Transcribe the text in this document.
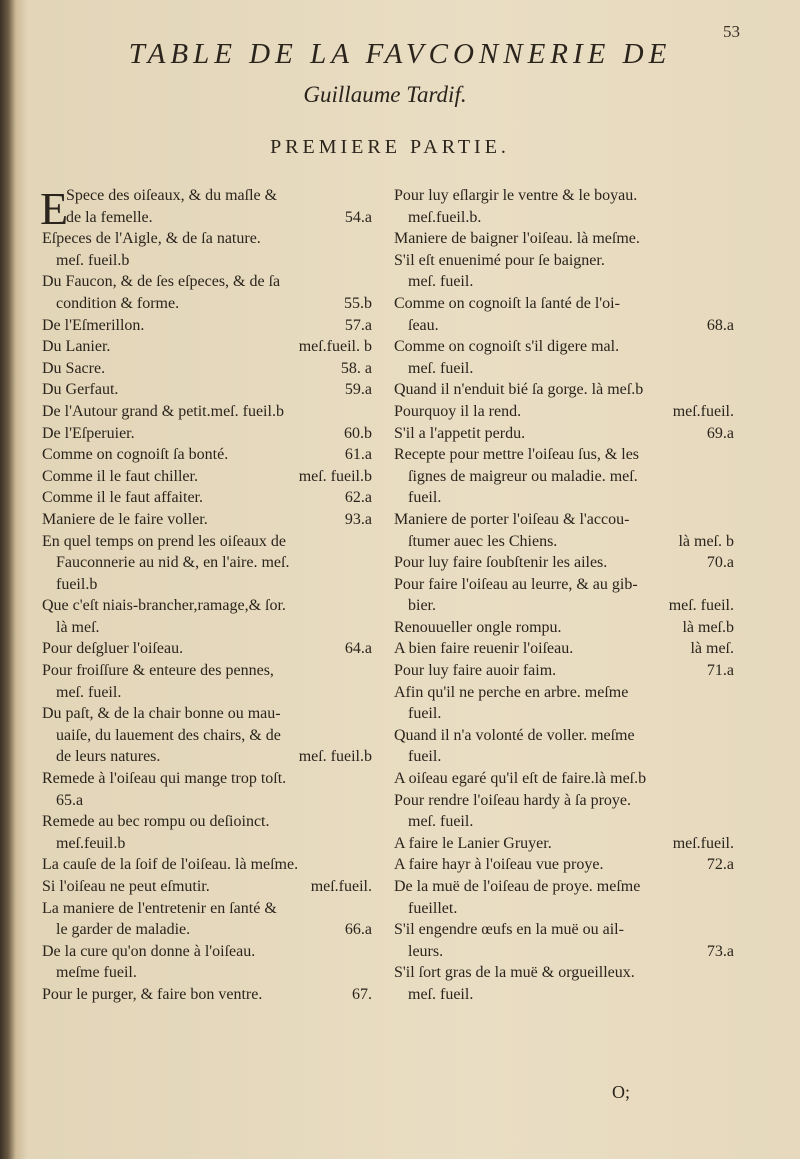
53
TABLE DE LA FAVCONNERIE DE
Guillaume Tardif.
PREMIERE PARTIE.
E
Spece des oiſeaux, & du maſle &
de la femelle.	54.a
Eſpeces de l'Aigle, & de ſa nature.
meſ. fueil.b
Du Faucon, & de ſes eſpeces, & de ſa
condition & forme.	55.b
De l'Eſmerillon.	57.a
Du Lanier.	meſ.fueil. b
Du Sacre.	58. a
Du Gerfaut.	59.a
De l'Autour grand & petit.meſ. fueil.b
De l'Eſperuier.	60.b
Comme on cognoiſt ſa bonté.	61.a
Comme il le faut chiller.	meſ. fueil.b
Comme il le faut affaiter.	62.a
Maniere de le faire voller.	93.a
En quel temps on prend les oiſeaux de
Fauconnerie au nid &, en l'aire. meſ.
fueil.b
Que c'eſt niais-brancher,ramage,& ſor.
là meſ.
Pour deſgluer l'oiſeau.	64.a
Pour froiſſure & enteure des pennes,
meſ. fueil.
Du paſt, & de la chair bonne ou mau-
uaiſe, du lauement des chairs, & de
de leurs natures.	meſ. fueil.b
Remede à l'oiſeau qui mange trop toſt.
65.a
Remede au bec rompu ou deſioinct.
meſ.feuil.b
La cauſe de la ſoif de l'oiſeau. là meſme.
Si l'oiſeau ne peut eſmutir.	meſ.fueil.
La maniere de l'entretenir en ſanté &
le garder de maladie.	66.a
De la cure qu'on donne à l'oiſeau.
meſme fueil.
Pour le purger, & faire bon ventre.	67.
Pour luy eſlargir le ventre & le boyau.
meſ.fueil.b.
Maniere de baigner l'oiſeau. là meſme.
S'il eſt enuenimé pour ſe baigner.
meſ. fueil.
Comme on cognoiſt la ſanté de l'oi-
ſeau.	68.a
Comme on cognoiſt s'il digere mal.
meſ. fueil.
Quand il n'enduit bié ſa gorge. là meſ.b
Pourquoy il la rend.	meſ.fueil.
S'il a l'appetit perdu.	69.a
Recepte pour mettre l'oiſeau ſus, & les
ſignes de maigreur ou maladie. meſ.
fueil.
Maniere de porter l'oiſeau & l'accou-
ſtumer auec les Chiens.	là meſ. b
Pour luy faire ſoubſtenir les ailes.	70.a
Pour faire l'oiſeau au leurre, & au gib-
bier.	meſ. fueil.
Renouueller ongle rompu.	là meſ.b
A bien faire reuenir l'oiſeau.	là meſ.
Pour luy faire auoir faim.	71.a
Afin qu'il ne perche en arbre. meſme
fueil.
Quand il n'a volonté de voller. meſme
fueil.
A oiſeau egaré qu'il eſt de faire.là meſ.b
Pour rendre l'oiſeau hardy à ſa proye.
meſ. fueil.
A faire le Lanier Gruyer.	meſ.fueil.
A faire hayr à l'oiſeau vue proye.	72.a
De la muë de l'oiſeau de proye. meſme
fueillet.
S'il engendre œufs en la muë ou ail-
leurs.	73.a
S'il ſort gras de la muë & orgueilleux.
meſ. fueil.
O;
